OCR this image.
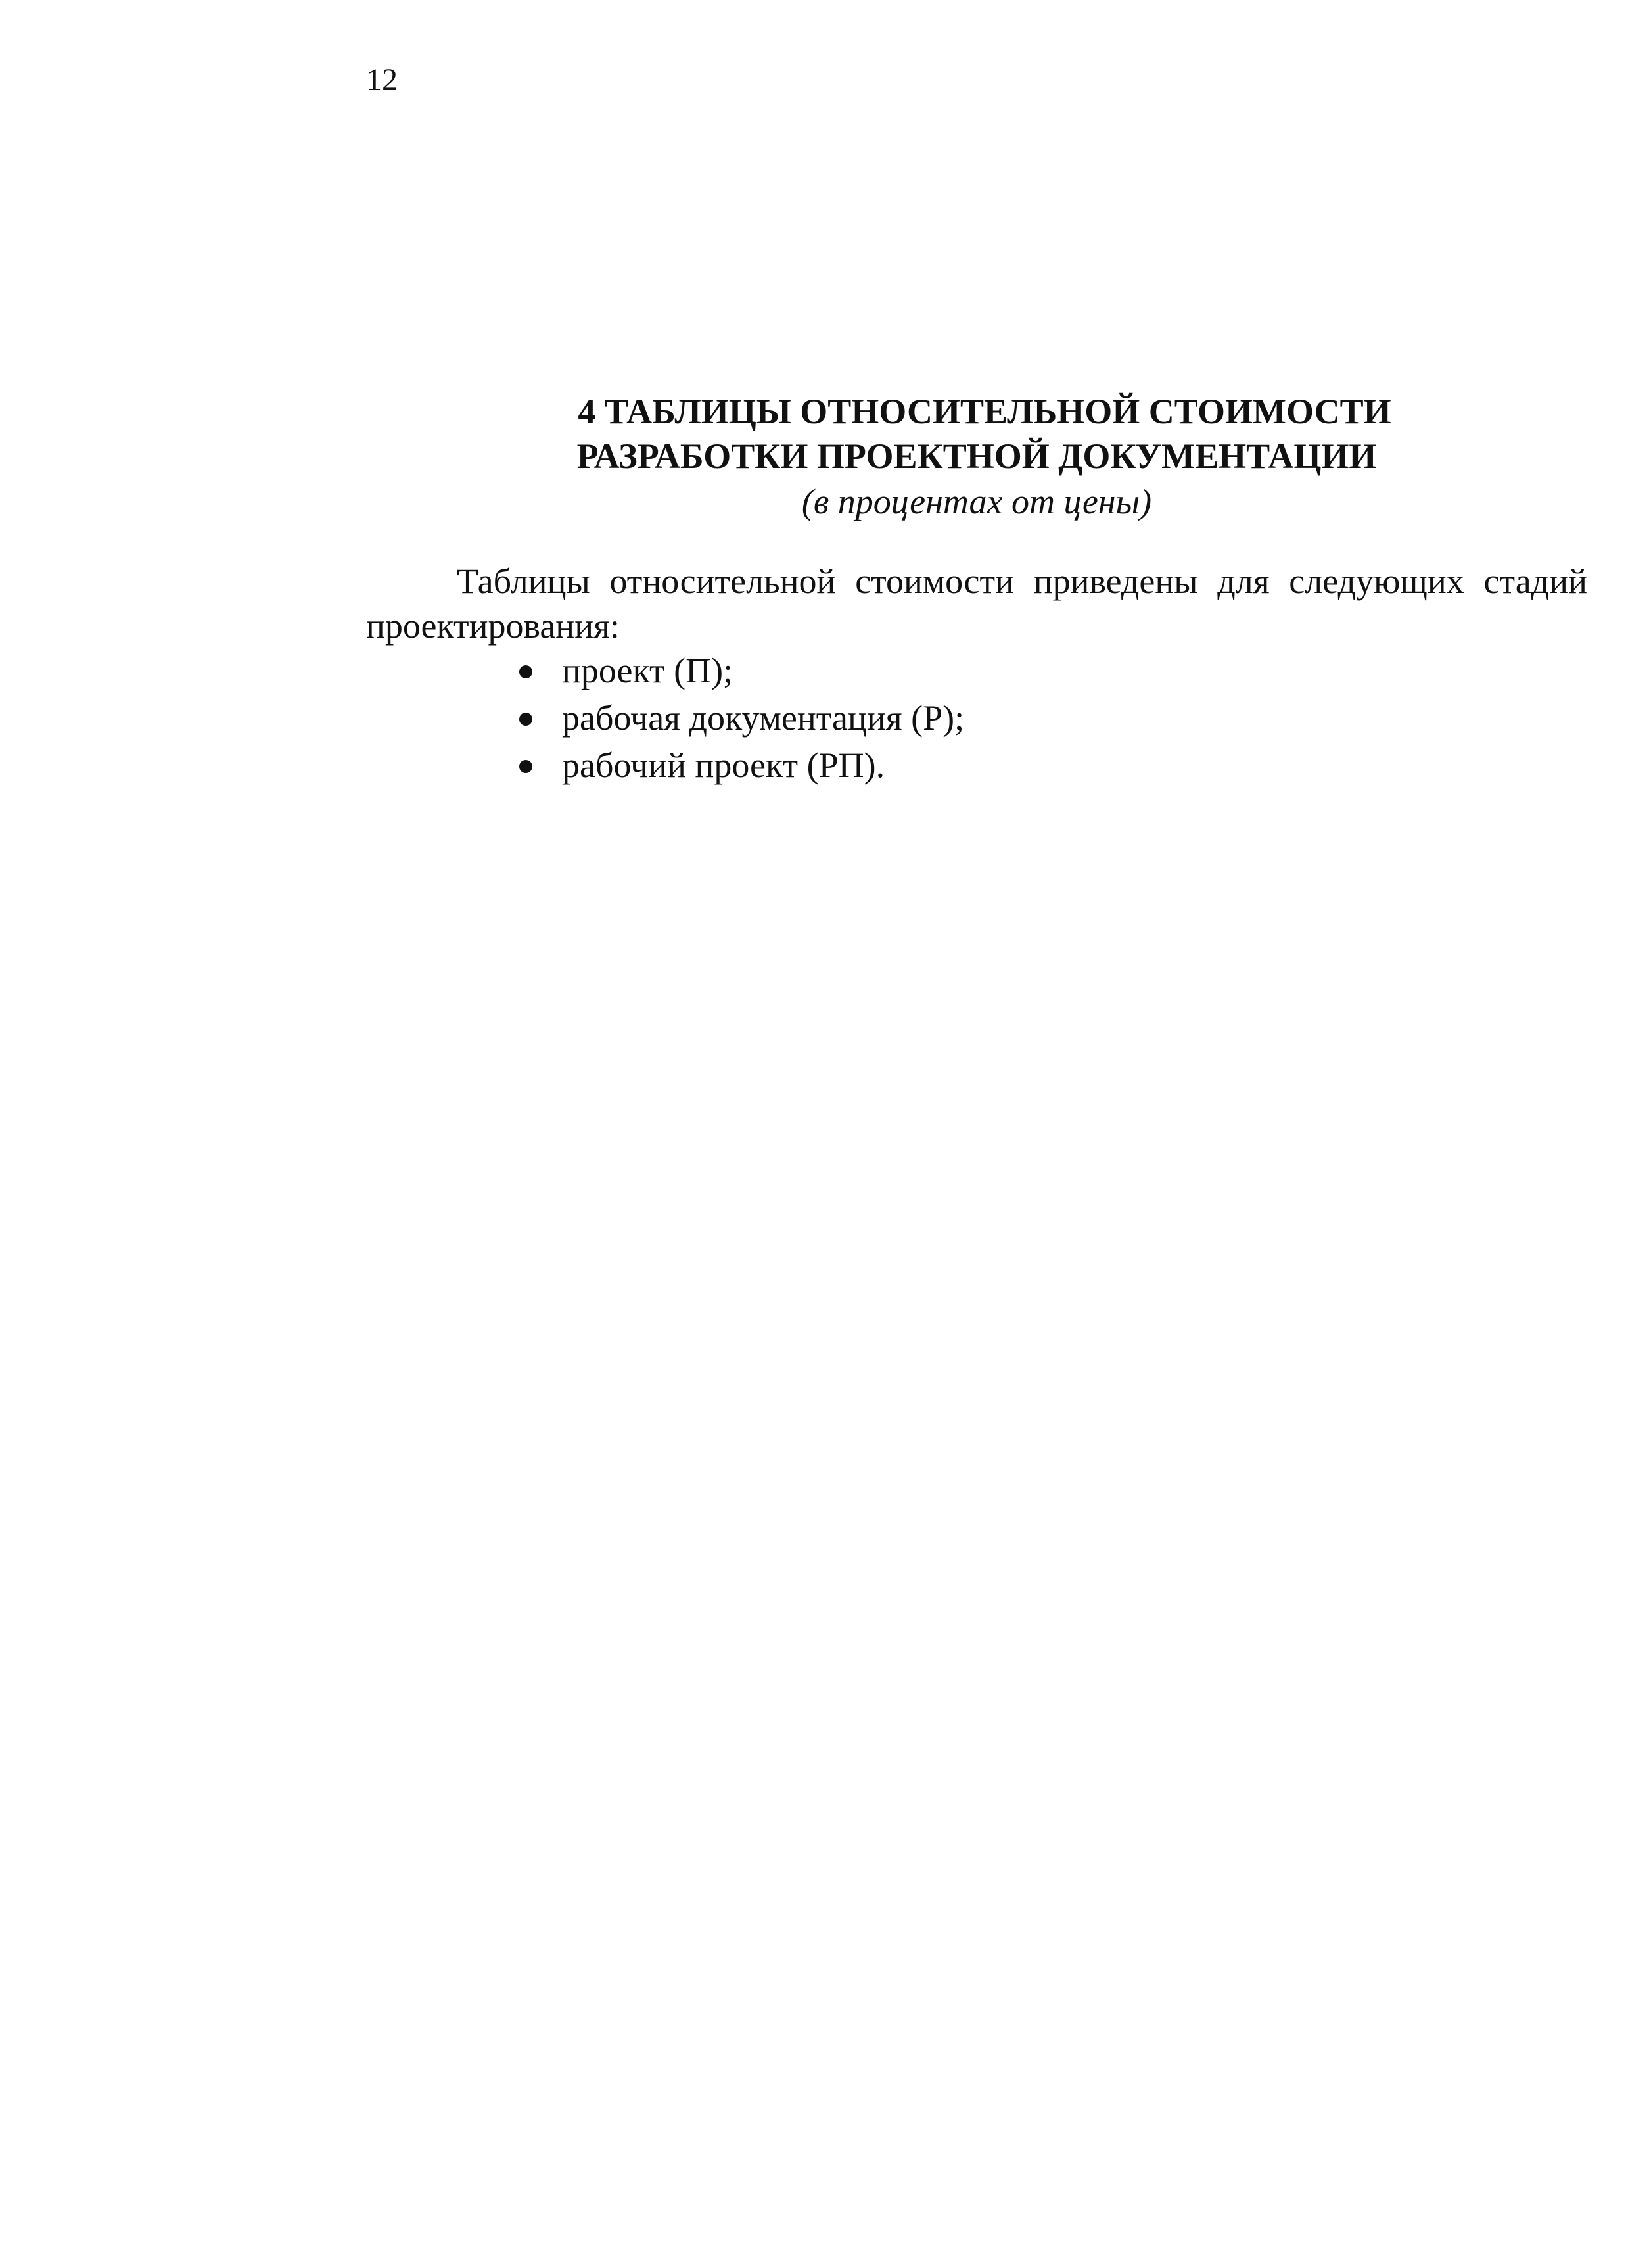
12
4 ТАБЛИЦЫ ОТНОСИТЕЛЬНОЙ СТОИМОСТИ
РАЗРАБОТКИ ПРОЕКТНОЙ ДОКУМЕНТАЦИИ
(в процентах от цены)
Таблицы относительной стоимости приведены для следующих стадий
проектирования:
проект (П);
рабочая документация (Р);
рабочий проект (РП).
